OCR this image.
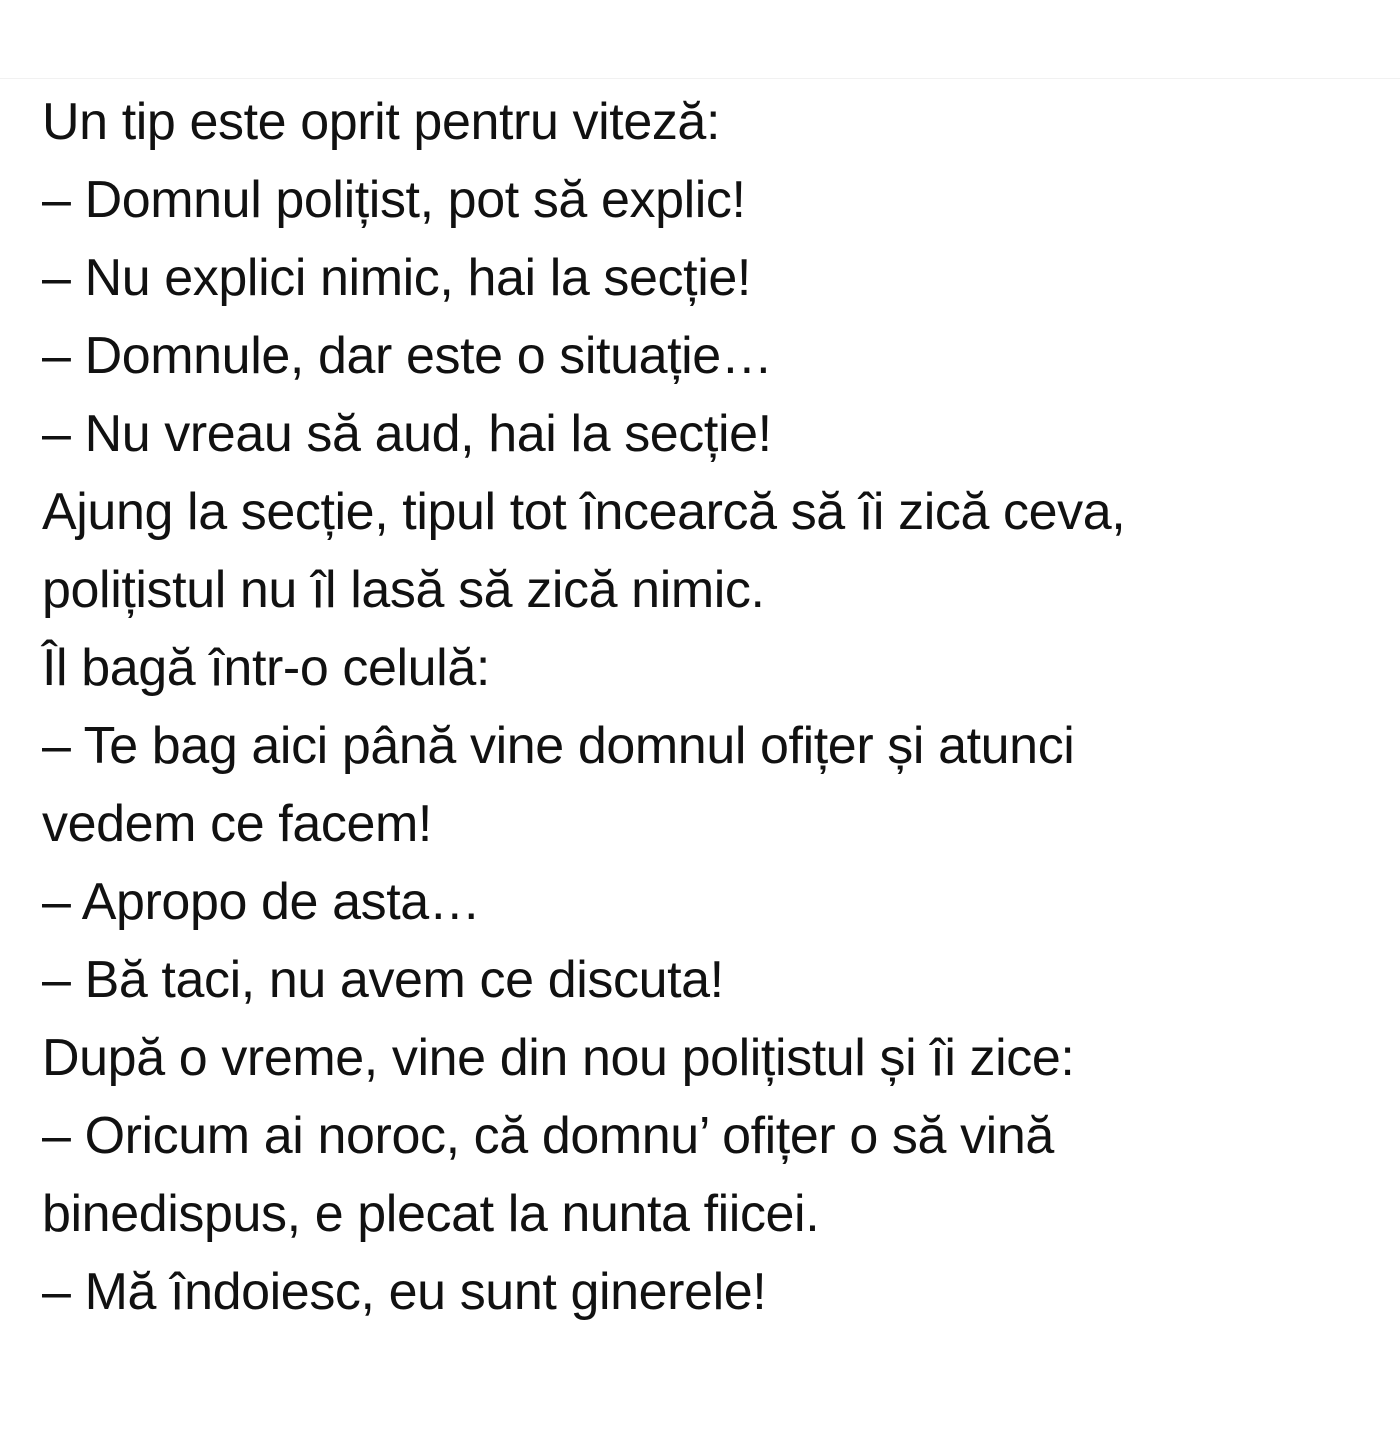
Un tip este oprit pentru viteză:
– Domnul polițist, pot să explic!
– Nu explici nimic, hai la secție!
– Domnule, dar este o situație…
– Nu vreau să aud, hai la secție!
Ajung la secție, tipul tot încearcă să îi zică ceva,
polițistul nu îl lasă să zică nimic.
Îl bagă într-o celulă:
– Te bag aici până vine domnul ofițer și atunci
vedem ce facem!
– Apropo de asta…
– Bă taci, nu avem ce discuta!
După o vreme, vine din nou polițistul și îi zice:
– Oricum ai noroc, că domnu’ ofițer o să vină
binedispus, e plecat la nunta fiicei.
– Mă îndoiesc, eu sunt ginerele!
